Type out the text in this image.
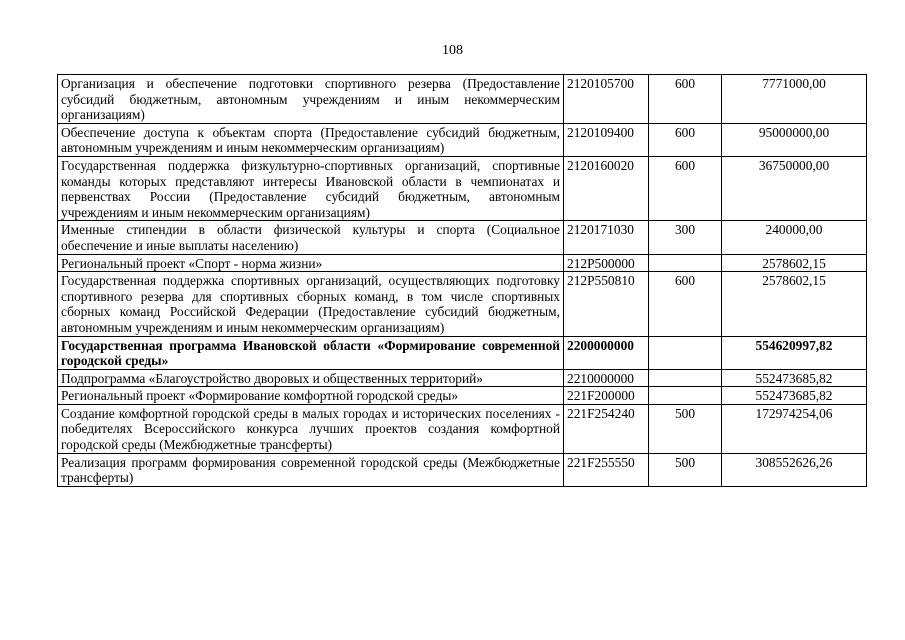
108
Организация и обеспечение подготовки спортивного резерва (Предоставление субсидий бюджетным, автономным учреждениям и иным некоммерческим организациям)	2120105700	600	7771000,00
Обеспечение доступа к объектам спорта (Предоставление субсидий бюджетным, автономным учреждениям и иным некоммерческим организациям)	2120109400	600	95000000,00
Государственная поддержка физкультурно-спортивных организаций, спортивные команды которых представляют интересы Ивановской области в чемпионатах и первенствах России (Предоставление субсидий бюджетным, автономным учреждениям и иным некоммерческим организациям)	2120160020	600	36750000,00
Именные стипендии в области физической культуры и спорта (Социальное обеспечение и иные выплаты населению)	2120171030	300	240000,00
Региональный проект «Спорт - норма жизни»	212P500000		2578602,15
Государственная поддержка спортивных организаций, осуществляющих подготовку спортивного резерва для спортивных сборных команд, в том числе спортивных сборных команд Российской Федерации (Предоставление субсидий бюджетным, автономным учреждениям и иным некоммерческим организациям)	212P550810	600	2578602,15
Государственная программа Ивановской области «Формирование современной городской среды»	2200000000		554620997,82
Подпрограмма «Благоустройство дворовых и общественных территорий»	2210000000		552473685,82
Региональный проект «Формирование комфортной городской среды»	221F200000		552473685,82
Создание комфортной городской среды в малых городах и исторических поселениях - победителях Всероссийского конкурса лучших проектов создания комфортной городской среды (Межбюджетные трансферты)	221F254240	500	172974254,06
Реализация программ формирования современной городской среды (Межбюджетные трансферты)	221F255550	500	308552626,26
